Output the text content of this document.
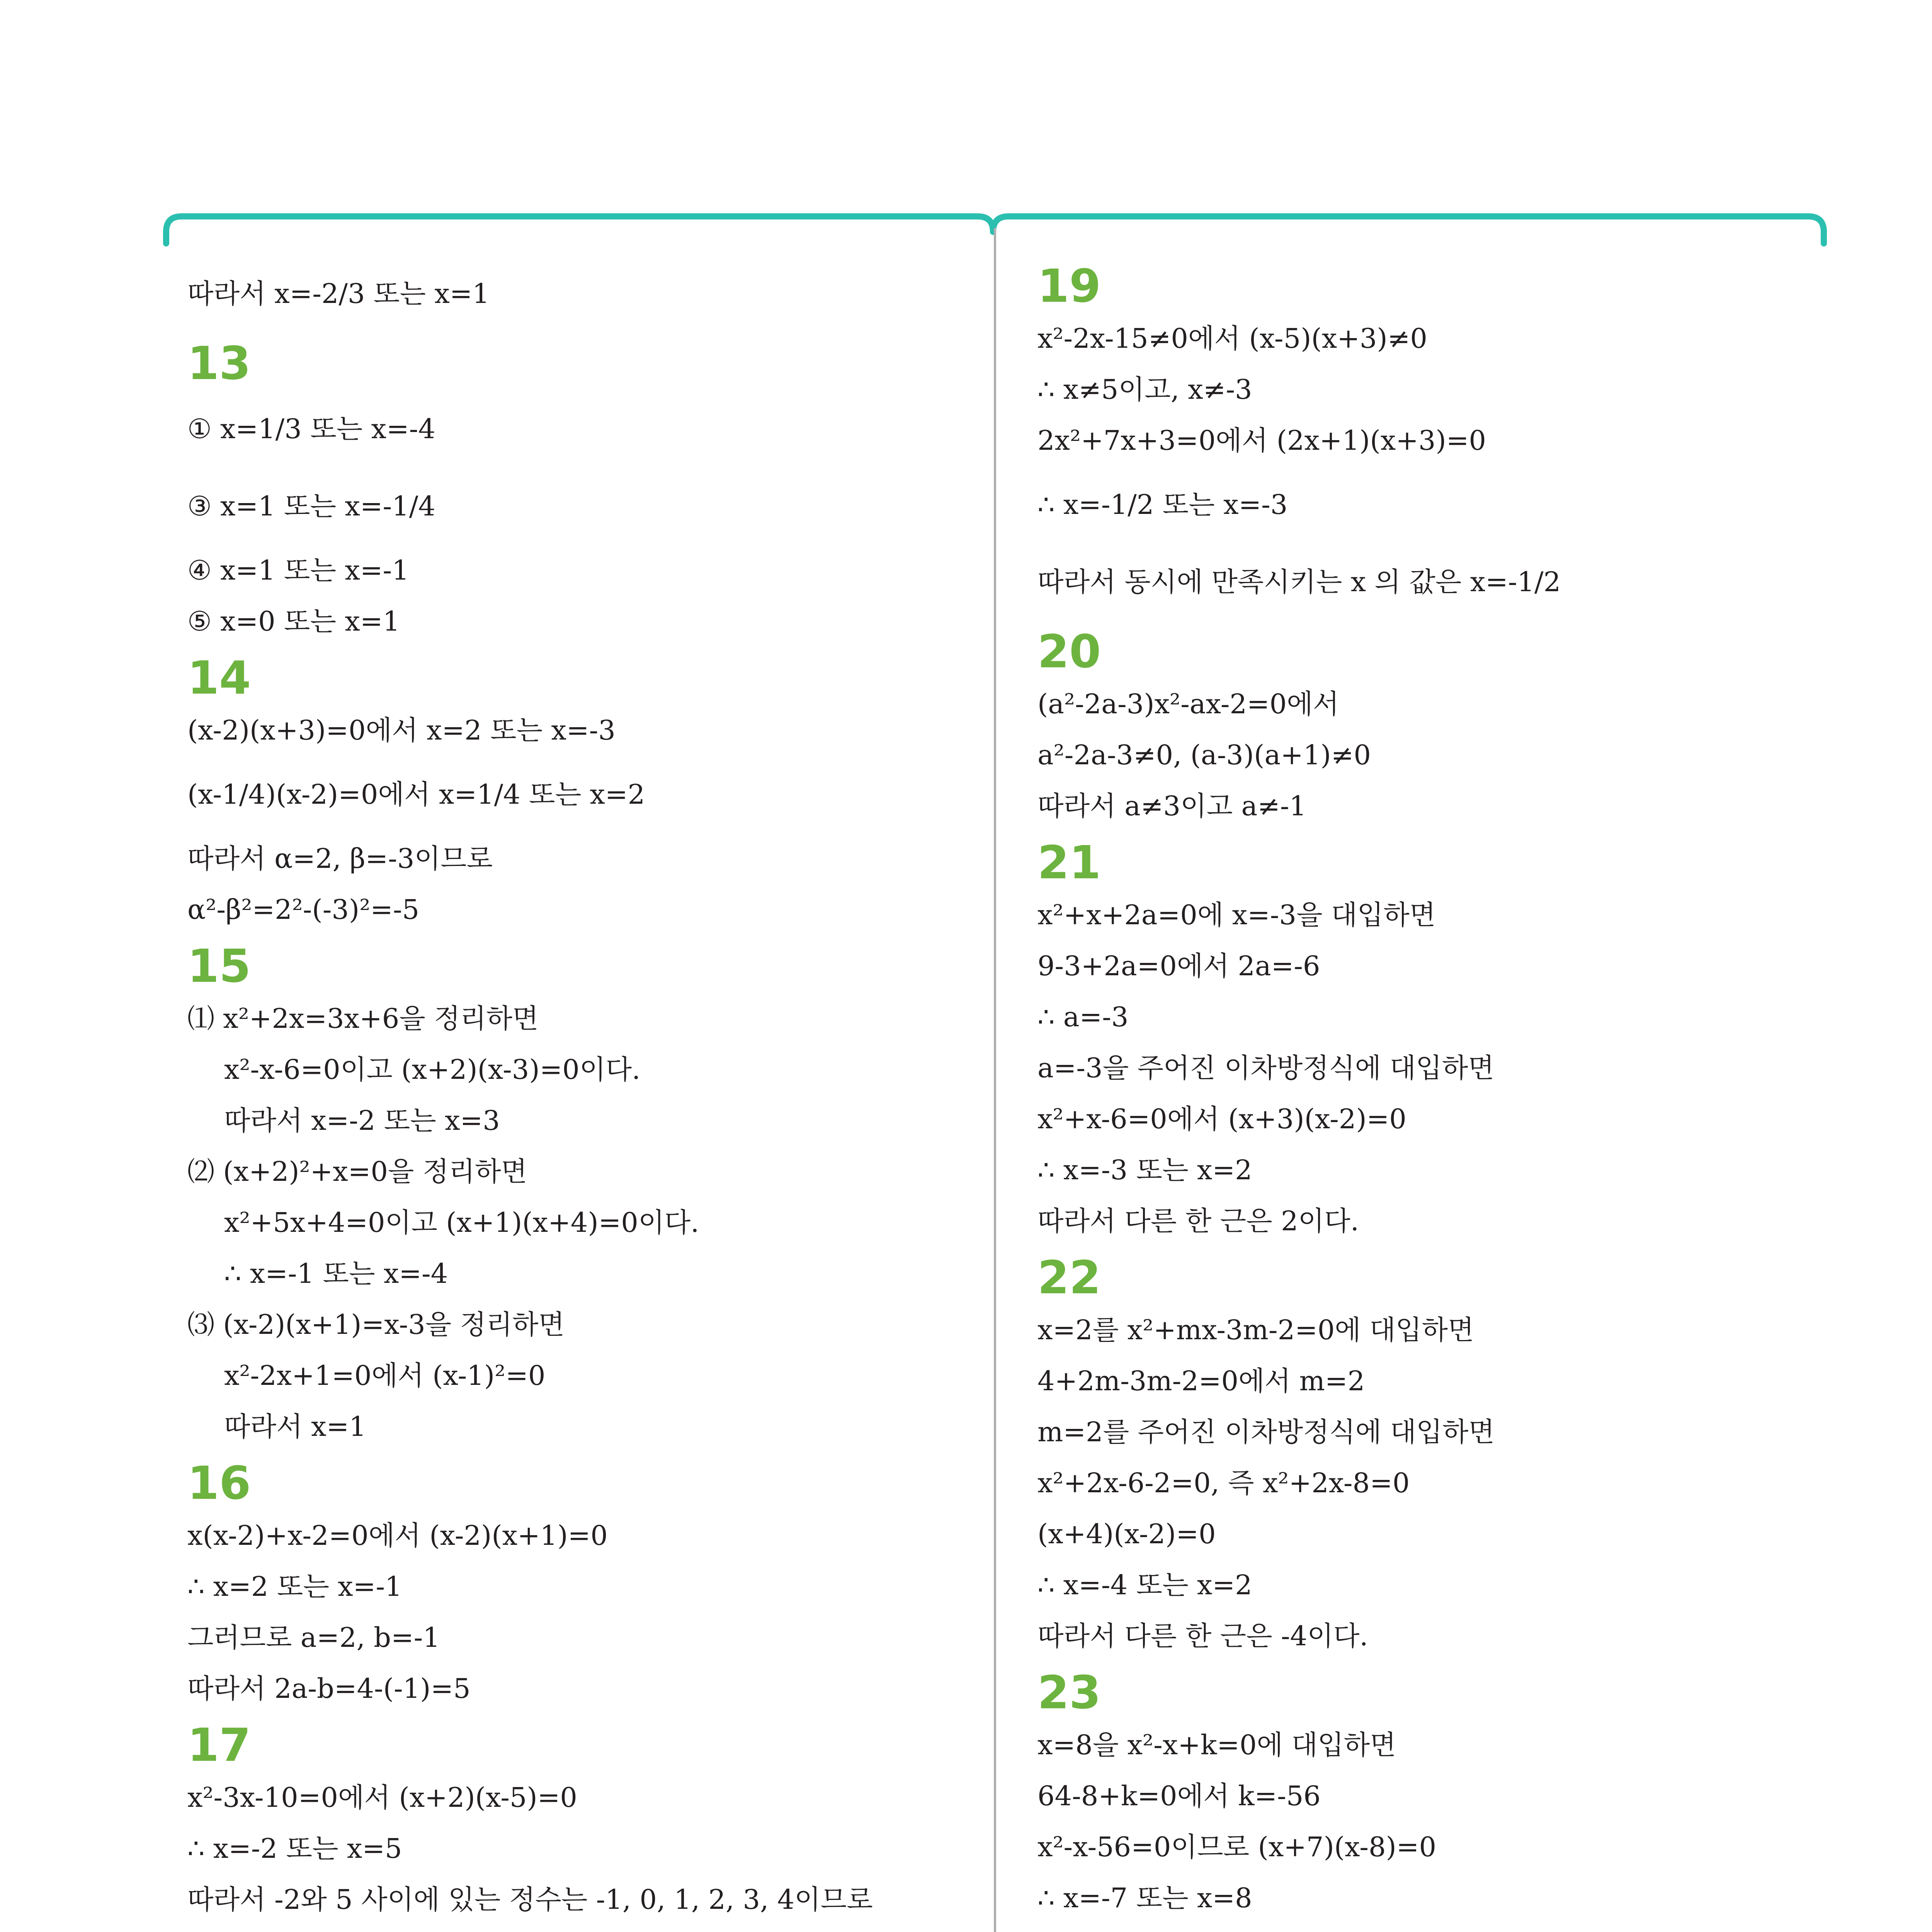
따라서 x=-2/3 또는 x=1
13
① x=1/3 또는 x=-4
③ x=1 또는 x=-1/4
④ x=1 또는 x=-1
⑤ x=0 또는 x=1
14
(x-2)(x+3)=0에서 x=2 또는 x=-3
(x-1/4)(x-2)=0에서 x=1/4 또는 x=2
따라서 α=2, β=-3이므로
α²-β²=2²-(-3)²=-5
15
⑴ x²+2x=3x+6을 정리하면
x²-x-6=0이고 (x+2)(x-3)=0이다.
따라서 x=-2 또는 x=3
⑵ (x+2)²+x=0을 정리하면
x²+5x+4=0이고 (x+1)(x+4)=0이다.
∴ x=-1 또는 x=-4
⑶ (x-2)(x+1)=x-3을 정리하면
x²-2x+1=0에서 (x-1)²=0
따라서 x=1
16
x(x-2)+x-2=0에서 (x-2)(x+1)=0
∴ x=2 또는 x=-1
그러므로 a=2, b=-1
따라서 2a-b=4-(-1)=5
17
x²-3x-10=0에서 (x+2)(x-5)=0
∴ x=-2 또는 x=5
따라서 -2와 5 사이에 있는 정수는 -1, 0, 1, 2, 3, 4이므로
19
x²-2x-15≠0에서 (x-5)(x+3)≠0
∴ x≠5이고, x≠-3
2x²+7x+3=0에서 (2x+1)(x+3)=0
∴ x=-1/2 또는 x=-3
따라서 동시에 만족시키는 x 의 값은 x=-1/2
20
(a²-2a-3)x²-ax-2=0에서
a²-2a-3≠0, (a-3)(a+1)≠0
따라서 a≠3이고 a≠-1
21
x²+x+2a=0에 x=-3을 대입하면
9-3+2a=0에서 2a=-6
∴ a=-3
a=-3을 주어진 이차방정식에 대입하면
x²+x-6=0에서 (x+3)(x-2)=0
∴ x=-3 또는 x=2
따라서 다른 한 근은 2이다.
22
x=2를 x²+mx-3m-2=0에 대입하면
4+2m-3m-2=0에서 m=2
m=2를 주어진 이차방정식에 대입하면
x²+2x-6-2=0, 즉 x²+2x-8=0
(x+4)(x-2)=0
∴ x=-4 또는 x=2
따라서 다른 한 근은 -4이다.
23
x=8을 x²-x+k=0에 대입하면
64-8+k=0에서 k=-56
x²-x-56=0이므로 (x+7)(x-8)=0
∴ x=-7 또는 x=8
